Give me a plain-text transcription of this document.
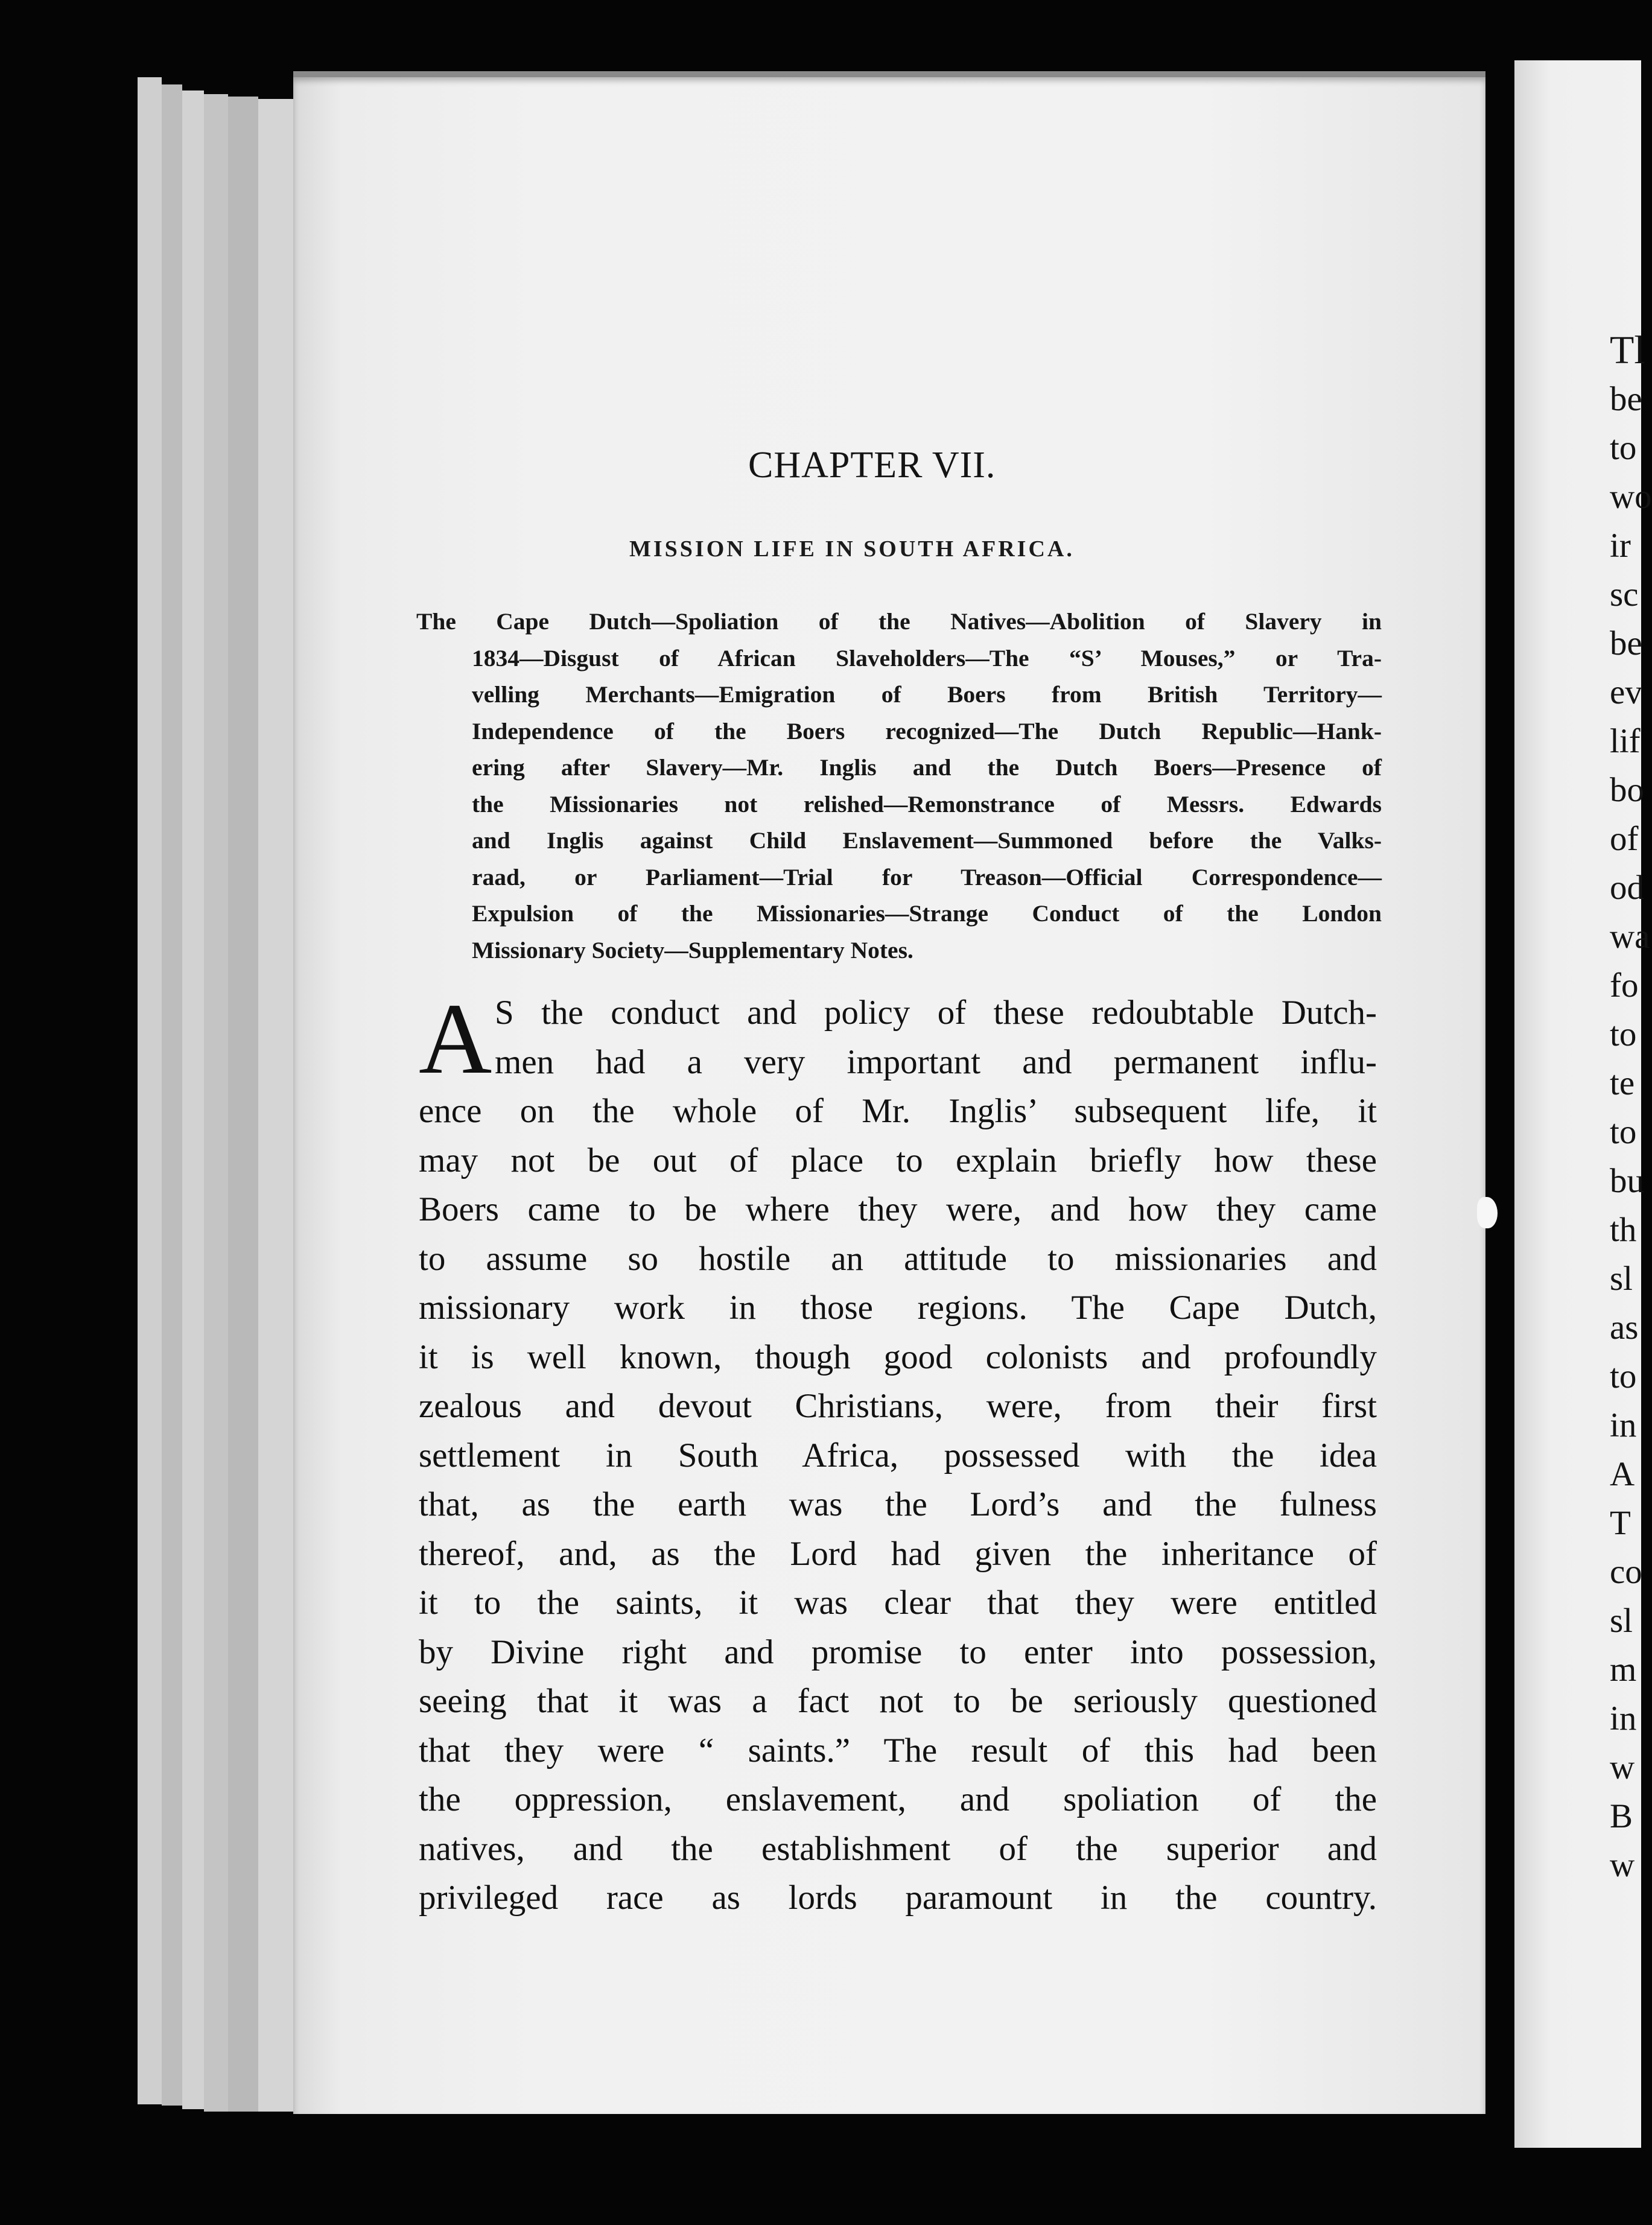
CHAPTER VII.
MISSION LIFE IN SOUTH AFRICA.
The Cape Dutch—Spoliation of the Natives—Abolition of Slavery in
1834—Disgust of African Slaveholders—The “S’ Mouses,” or Tra-
velling Merchants—Emigration of Boers from British Territory—
Independence of the Boers recognized—The Dutch Republic—Hank-
ering after Slavery—Mr. Inglis and the Dutch Boers—Presence of
the Missionaries not relished—Remonstrance of Messrs. Edwards
and Inglis against Child Enslavement—Summoned before the Valks-
raad, or Parliament—Trial for Treason—Official Correspondence—
Expulsion of the Missionaries—Strange Conduct of the London
Missionary Society—Supplementary Notes.
A S the conduct and policy of these redoubtable Dutch-
men had a very important and permanent influ-
ence on the whole of Mr. Inglis’ subsequent life, it
may not be out of place to explain briefly how these
Boers came to be where they were, and how they came
to assume so hostile an attitude to missionaries and
missionary work in those regions. The Cape Dutch,
it is well known, though good colonists and profoundly
zealous and devout Christians, were, from their first
settlement in South Africa, possessed with the idea
that, as the earth was the Lord’s and the fulness
thereof, and, as the Lord had given the inheritance of
it to the saints, it was clear that they were entitled
by Divine right and promise to enter into possession,
seeing that it was a fact not to be seriously questioned
that they were “ saints.” The result of this had been
the oppression, enslavement, and spoliation of the
natives, and the establishment of the superior and
privileged race as lords paramount in the country.
Tl
be
to
wo
ir
sc
be
ev
lif
bo
of
od
wa
fo
to
te
to
bu
th
sl
as
to
in
A
T
co
sl
m
in
w
B
w
